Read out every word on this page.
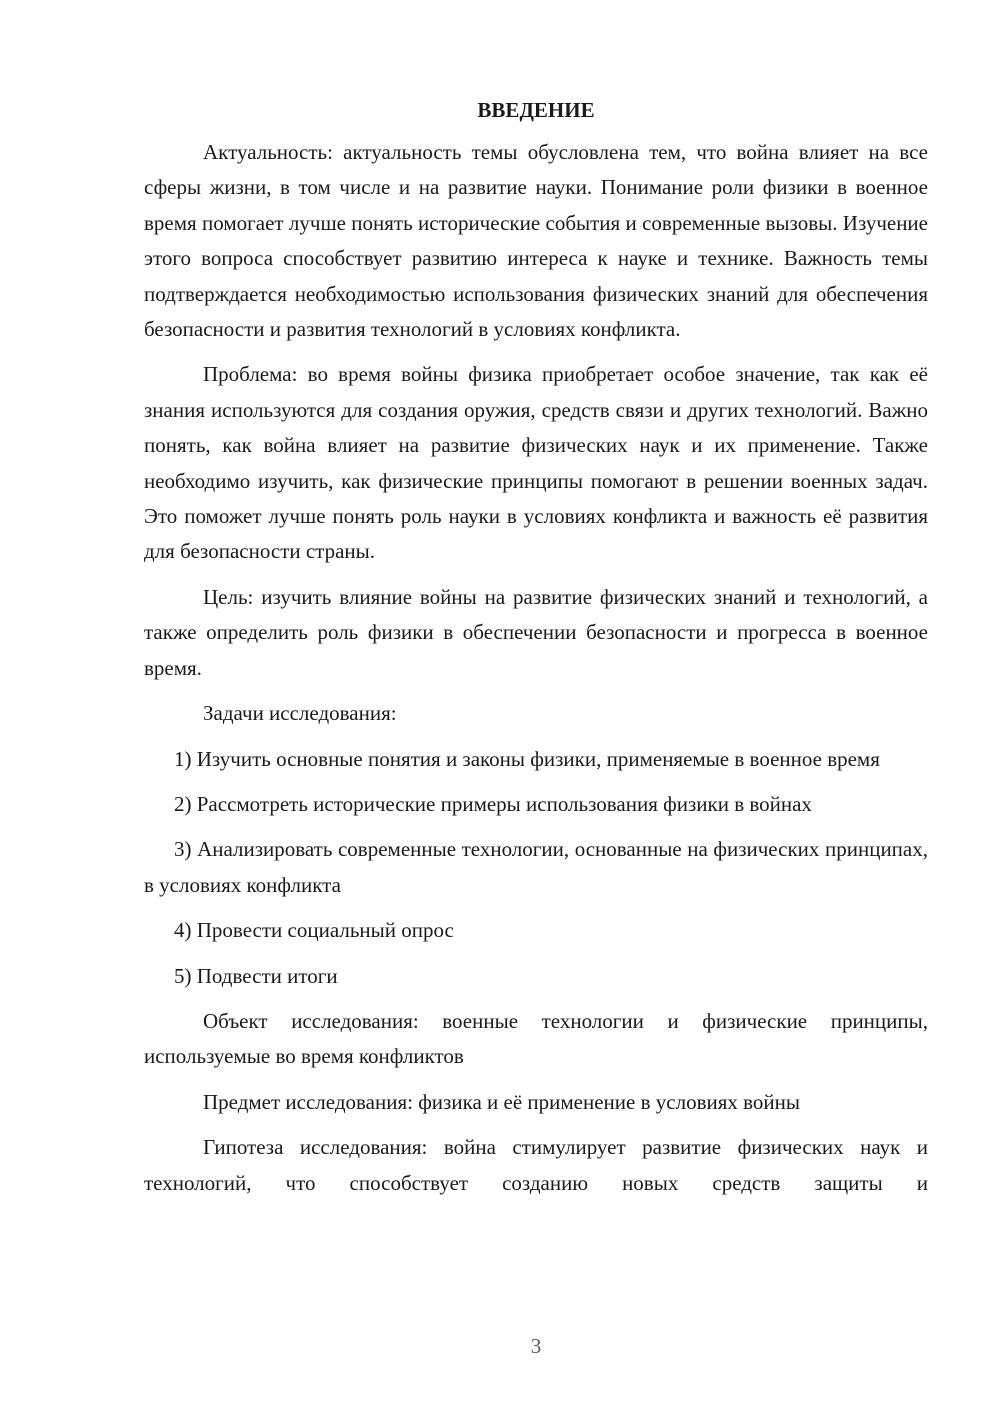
ВВЕДЕНИЕ

Актуальность: актуальность темы обусловлена тем, что война влияет на все сферы жизни, в том числе и на развитие науки. Понимание роли физики в военное время помогает лучше понять исторические события и современные вызовы. Изучение этого вопроса способствует развитию интереса к науке и технике. Важность темы подтверждается необходимостью использования физических знаний для обеспечения безопасности и развития технологий в условиях конфликта.

Проблема: во время войны физика приобретает особое значение, так как её знания используются для создания оружия, средств связи и других технологий. Важно понять, как война влияет на развитие физических наук и их применение. Также необходимо изучить, как физические принципы помогают в решении военных задач. Это поможет лучше понять роль науки в условиях конфликта и важность её развития для безопасности страны.

Цель: изучить влияние войны на развитие физических знаний и технологий, а также определить роль физики в обеспечении безопасности и прогресса в военное время.

Задачи исследования:

1) Изучить основные понятия и законы физики, применяемые в военное время

2) Рассмотреть исторические примеры использования физики в войнах

3) Анализировать современные технологии, основанные на физических принципах, в условиях конфликта

4) Провести социальный опрос

5) Подвести итоги

Объект исследования: военные технологии и физические принципы, используемые во время конфликтов

Предмет исследования: физика и её применение в условиях войны

Гипотеза исследования: война стимулирует развитие физических наук и технологий, что способствует созданию новых средств защиты и

3
